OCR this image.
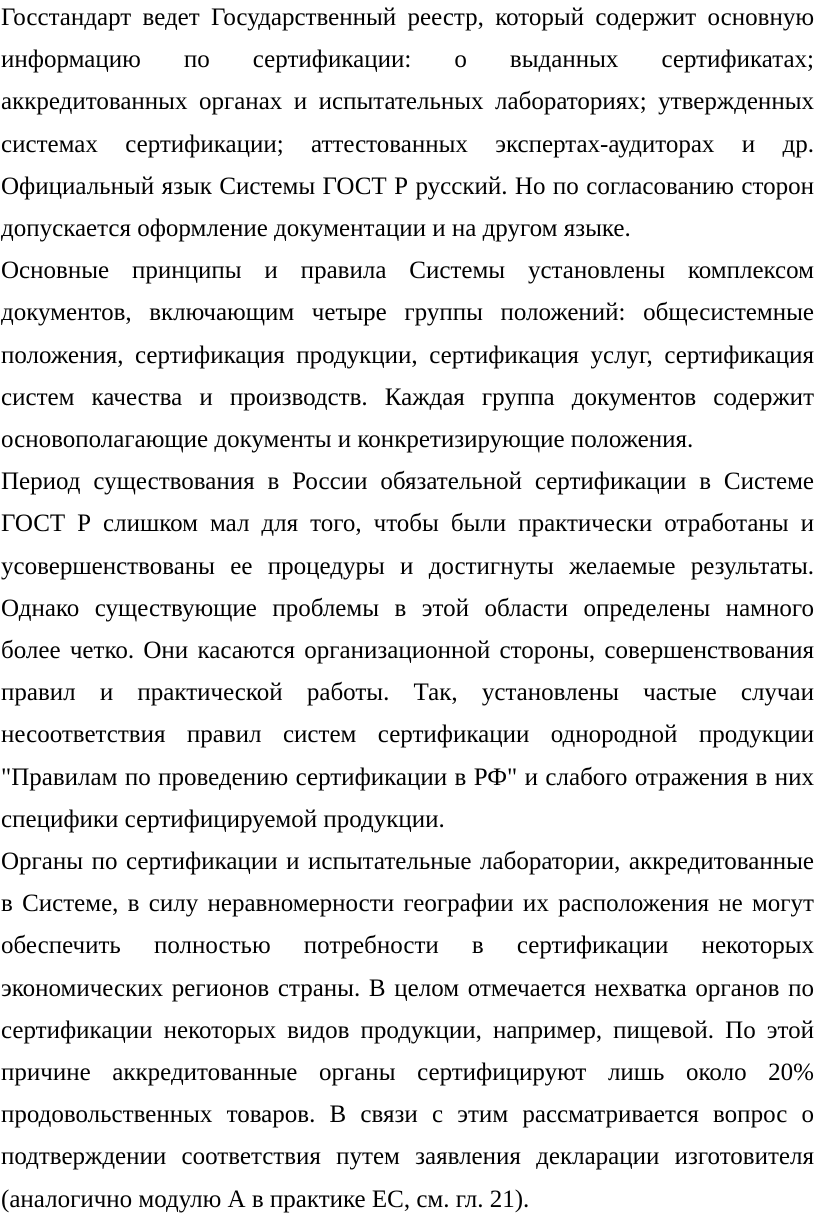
Госстандарт ведет Государственный реестр, который содержит основную информацию по сертификации: о выданных сертификатах; аккредитованных органах и испытательных лабораториях; утвержденных системах сертификации; аттестованных экспертах-аудиторах и др. Официальный язык Системы ГОСТ Р русский. Но по согласованию сторон допускается оформление документации и на другом языке.

Основные принципы и правила Системы установлены комплексом документов, включающим четыре группы положений: общесистемные положения, сертификация продукции, сертификация услуг, сертификация систем качества и производств. Каждая группа документов содержит основополагающие документы и конкретизирующие положения.

Период существования в России обязательной сертификации в Системе ГОСТ Р слишком мал для того, чтобы были практически отработаны и усовершенствованы ее процедуры и достигнуты желаемые результаты. Однако существующие проблемы в этой области определены намного более четко. Они касаются организационной стороны, совершенствования правил и практической работы. Так, установлены частые случаи несоответствия правил систем сертификации однородной продукции "Правилам по проведению сертификации в РФ" и слабого отражения в них специфики сертифицируемой продукции.

Органы по сертификации и испытательные лаборатории, аккредитованные в Системе, в силу неравномерности географии их расположения не могут обеспечить полностью потребности в сертификации некоторых экономических регионов страны. В целом отмечается нехватка органов по сертификации некоторых видов продукции, например, пищевой. По этой причине аккредитованные органы сертифицируют лишь около 20% продовольственных товаров. В связи с этим рассматривается вопрос о подтверждении соответствия путем заявления декларации изготовителя (аналогично модулю А в практике ЕС, см. гл. 21).
